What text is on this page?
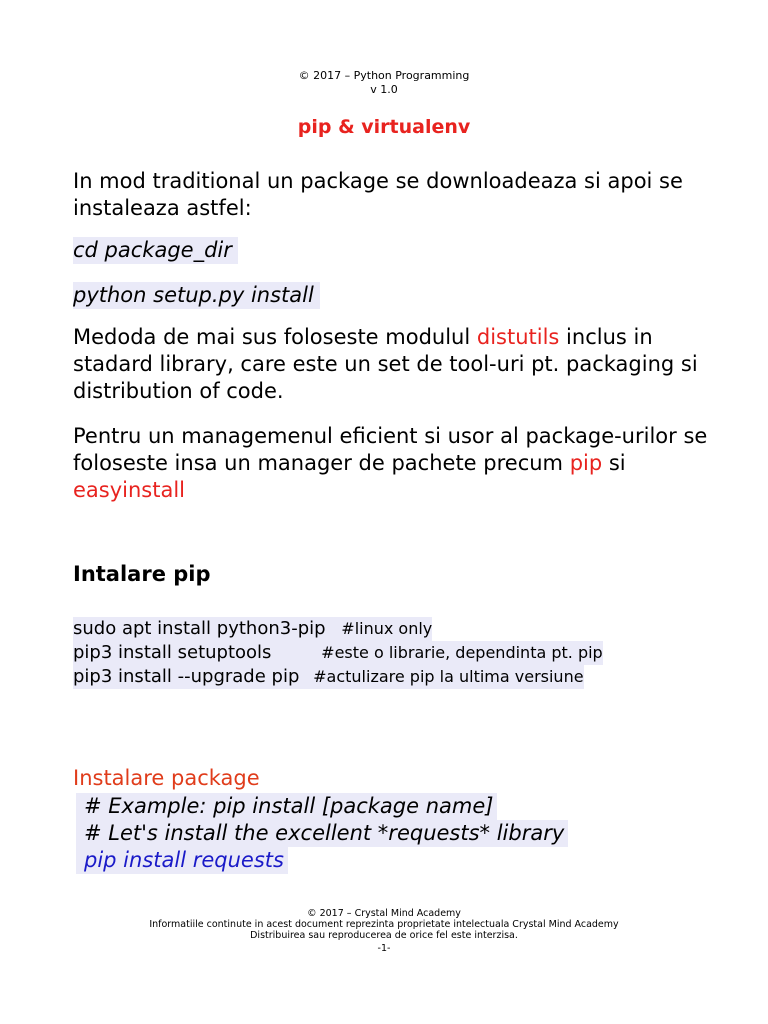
© 2017 – Python Programming
v 1.0
pip & virtualenv
In mod traditional un package se downloadeaza si apoi se instaleaza astfel:
cd package_dir
python setup.py install
Medoda de mai sus foloseste modulul distutils inclus in stadard library, care este un set de tool-uri pt. packaging si distribution of code.
Pentru un managemenul eficient si usor al package-urilor se foloseste insa un manager de pachete precum pip si easyinstall
Intalare pip
sudo apt install python3-pip #linux only
pip3 install setuptools	#este o librarie, dependinta pt. pip
pip3 install --upgrade pip #actulizare pip la ultima versiune
Instalare package
# Example: pip install [package name]
# Let's install the excellent *requests* library
pip install requests
© 2017 – Crystal Mind Academy
Informatiile continute in acest document reprezinta proprietate intelectuala Crystal Mind Academy
Distribuirea sau reproducerea de orice fel este interzisa.
-1-
